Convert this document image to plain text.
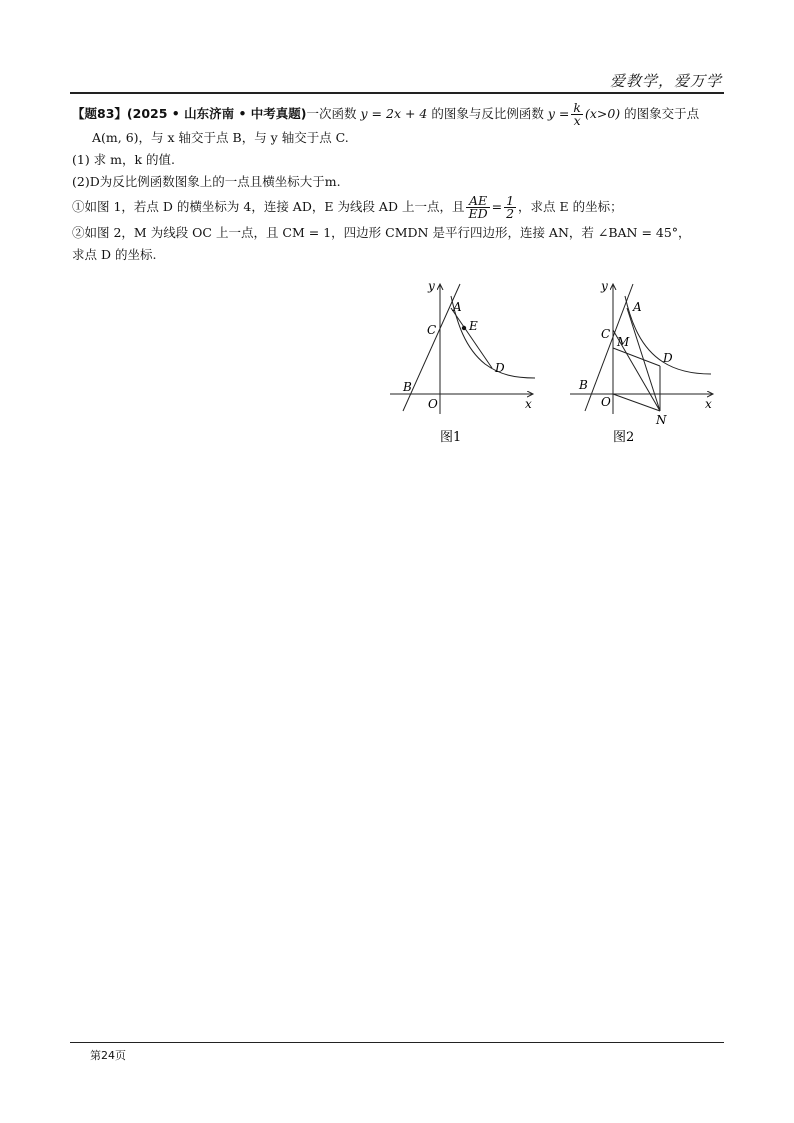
爱教学，爱万学
【题83】(2025 • 山东济南 • 中考真题)一次函数 y = 2x + 4 的图象与反比例函数 $y = \frac{k}{x} (x>0)$ 的图象交于点
A(m, 6)，与 x 轴交于点 B，与 y 轴交于点 C.
(1) 求 m，k 的值.
(2)D为反比例函数图象上的一点且横坐标大于m.
①如图 1，若点 D 的横坐标为 4，连接 AD，E 为线段 AD 上一点，且 $\frac{AE}{ED} = \frac{1}{2}$ ，求点 E 的坐标；
②如图 2，M 为线段 OC 上一点，且 CM = 1，四边形 CMDN 是平行四边形，连接 AN，若 ∠BAN = 45°，
求点 D 的坐标.
y
A
C	E
D
B
O	x
图1
y
A
C
M
D
B
O
N
x
图2
第24页
